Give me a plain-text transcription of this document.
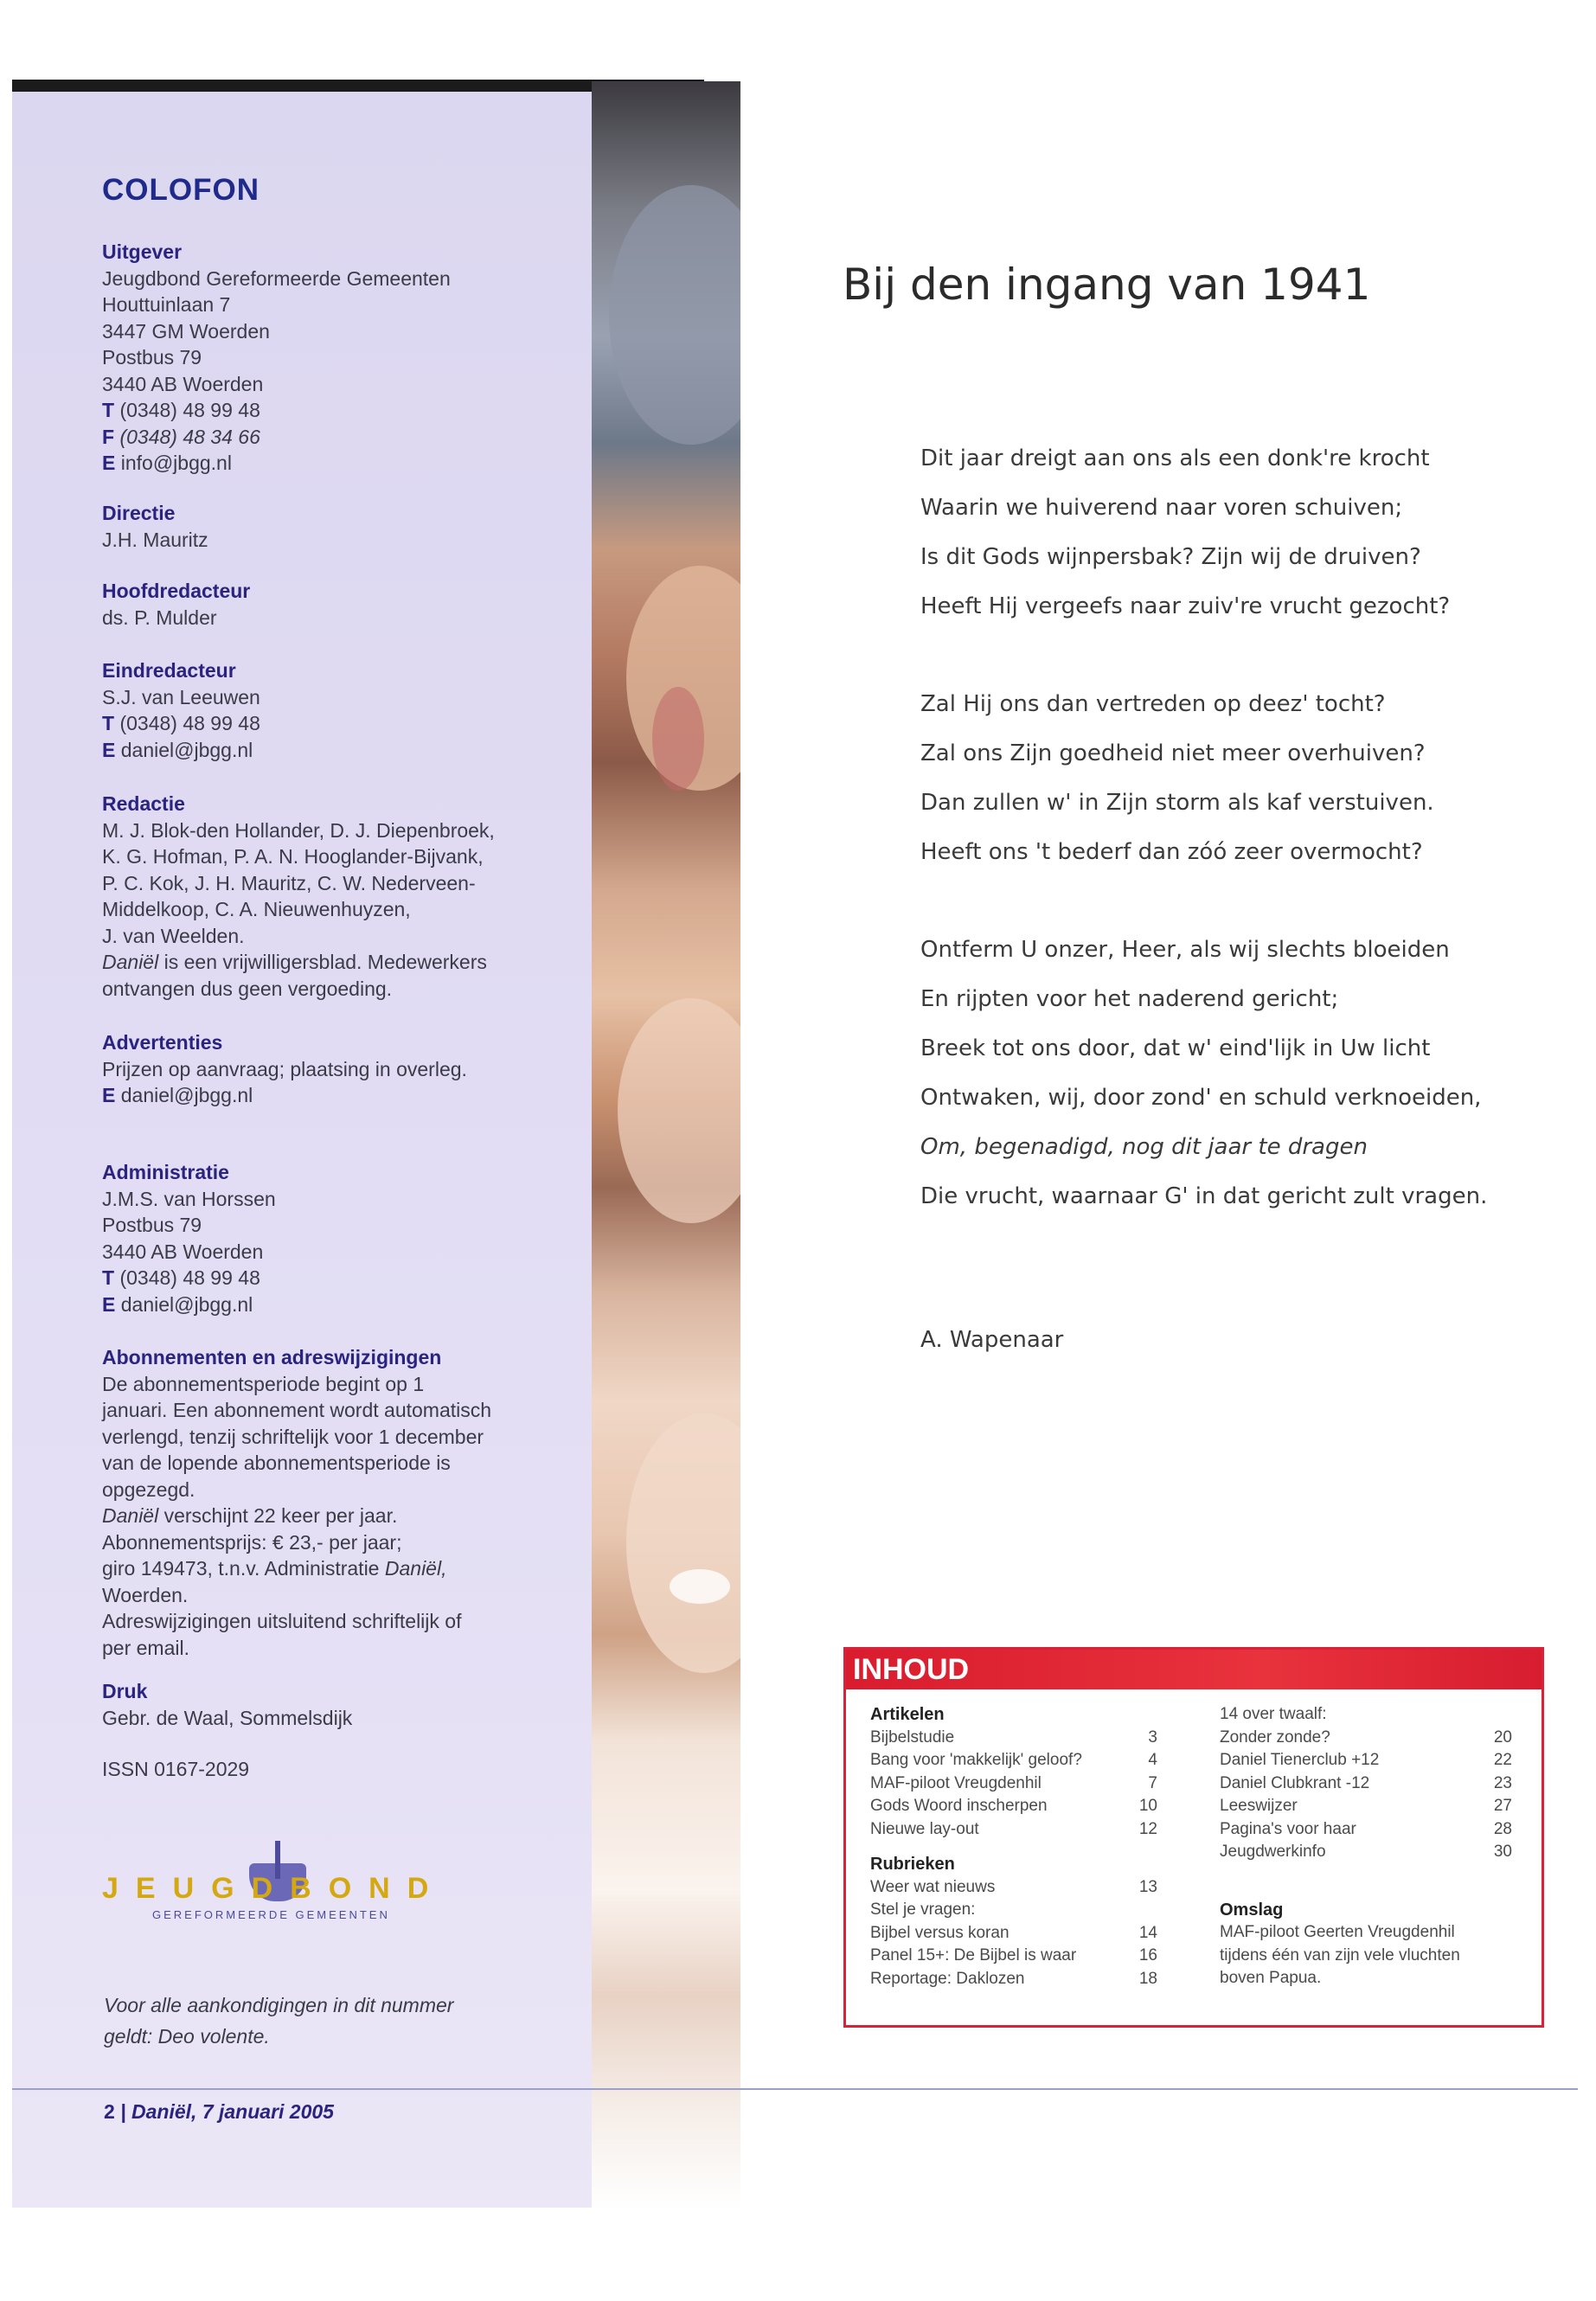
COLOFON
Uitgever
Jeugdbond Gereformeerde Gemeenten
Houttuinlaan 7
3447 GM Woerden
Postbus 79
3440 AB Woerden
T (0348) 48 99 48
F (0348) 48 34 66
E info@jbgg.nl
Directie
J.H. Mauritz
Hoofdredacteur
ds. P. Mulder
Eindredacteur
S.J. van Leeuwen
T (0348) 48 99 48
E daniel@jbgg.nl
Redactie
M. J. Blok-den Hollander, D. J. Diepenbroek,
K. G. Hofman, P. A. N. Hooglander-Bijvank,
P. C. Kok, J. H. Mauritz, C. W. Nederveen-
Middelkoop, C. A. Nieuwenhuyzen,
J. van Weelden.
Daniël is een vrijwilligersblad. Medewerkers
ontvangen dus geen vergoeding.
Advertenties
Prijzen op aanvraag; plaatsing in overleg.
E daniel@jbgg.nl
Administratie
J.M.S. van Horssen
Postbus 79
3440 AB Woerden
T (0348) 48 99 48
E daniel@jbgg.nl
Abonnementen en adreswijzigingen
De abonnementsperiode begint op 1
januari. Een abonnement wordt automatisch
verlengd, tenzij schriftelijk voor 1 december
van de lopende abonnementsperiode is
opgezegd.
Daniël verschijnt 22 keer per jaar.
Abonnementsprijs: € 23,- per jaar;
giro 149473, t.n.v. Administratie Daniël,
Woerden.
Adreswijzigingen uitsluitend schriftelijk of
per email.
Druk
Gebr. de Waal, Sommelsdijk
ISSN 0167-2029
JEUGDBOND
GEREFORMEERDE GEMEENTEN
Voor alle aankondigingen in dit nummer
geldt: Deo volente.
2 | Daniël, 7 januari 2005
Bij den ingang van 1941
Dit jaar dreigt aan ons als een donk're krocht
Waarin we huiverend naar voren schuiven;
Is dit Gods wijnpersbak? Zijn wij de druiven?
Heeft Hij vergeefs naar zuiv're vrucht gezocht?
Zal Hij ons dan vertreden op deez' tocht?
Zal ons Zijn goedheid niet meer overhuiven?
Dan zullen w' in Zijn storm als kaf verstuiven.
Heeft ons 't bederf dan zóó zeer overmocht?
Ontferm U onzer, Heer, als wij slechts bloeiden
En rijpten voor het naderend gericht;
Breek tot ons door, dat w' eind'lijk in Uw licht
Ontwaken, wij, door zond' en schuld verknoeiden,
Om, begenadigd, nog dit jaar te dragen
Die vrucht, waarnaar G' in dat gericht zult vragen.
A. Wapenaar
INHOUD
Artikelen
Bijbelstudie	3
Bang voor 'makkelijk' geloof?	4
MAF-piloot Vreugdenhil	7
Gods Woord inscherpen	10
Nieuwe lay-out	12
Rubrieken
Weer wat nieuws	13
Stel je vragen:
Bijbel versus koran	14
Panel 15+: De Bijbel is waar	16
Reportage: Daklozen	18
14 over twaalf:
Zonder zonde?	20
Daniel Tienerclub +12	22
Daniel Clubkrant -12	23
Leeswijzer	27
Pagina's voor haar	28
Jeugdwerkinfo	30
Omslag
MAF-piloot Geerten Vreugdenhil
tijdens één van zijn vele vluchten
boven Papua.
